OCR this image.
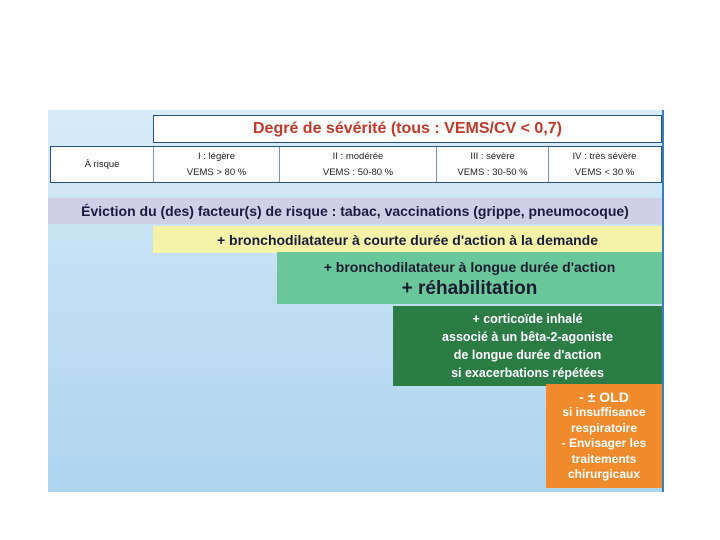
Degré de sévérité (tous : VEMS/CV < 0,7)
À risque
I : légère
VEMS > 80 %
II : modérée
VEMS : 50-80 %
III : sévère
VEMS : 30-50 %
IV : très sévère
VEMS < 30 %
Éviction du (des) facteur(s) de risque : tabac, vaccinations (grippe, pneumocoque)
+ bronchodilatateur à courte durée d'action à la demande
+ bronchodilatateur à longue durée d'action
+ réhabilitation
+ corticoïde inhalé
associé à un bêta-2-agoniste
de longue durée d'action
si exacerbations répétées
- ± OLD
si insuffisance
respiratoire
- Envisager les
traitements
chirurgicaux
